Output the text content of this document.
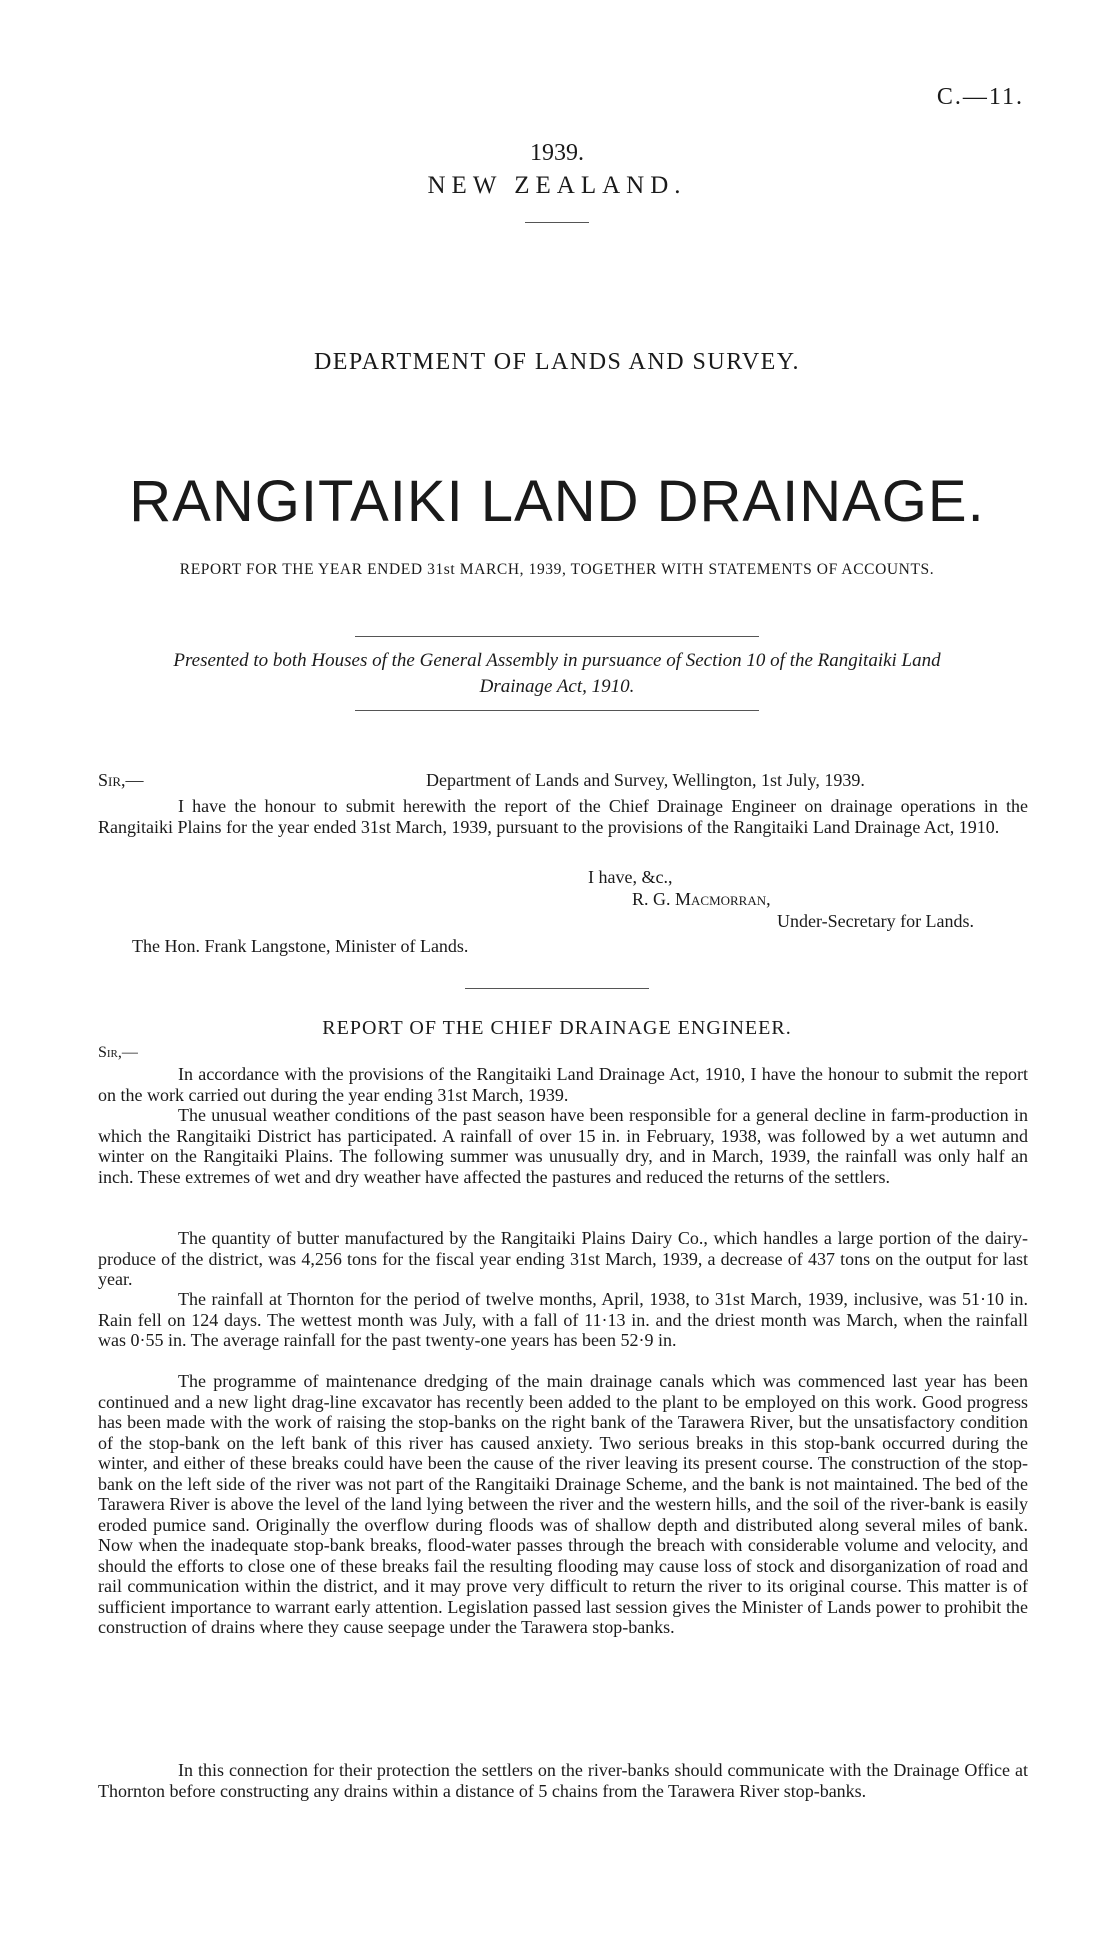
C.—11.
1939.
NEW ZEALAND.
DEPARTMENT OF LANDS AND SURVEY.
RANGITAIKI LAND DRAINAGE.
REPORT FOR THE YEAR ENDED 31st MARCH, 1939, TOGETHER WITH STATEMENTS OF ACCOUNTS.
Presented to both Houses of the General Assembly in pursuance of Section 10 of the Rangitaiki Land Drainage Act, 1910.
Sir,—	Department of Lands and Survey, Wellington, 1st July, 1939.
I have the honour to submit herewith the report of the Chief Drainage Engineer on drainage operations in the Rangitaiki Plains for the year ended 31st March, 1939, pursuant to the provisions of the Rangitaiki Land Drainage Act, 1910.
I have, &c.,
R. G. Macmorran,
Under-Secretary for Lands.
The Hon. Frank Langstone, Minister of Lands.
REPORT OF THE CHIEF DRAINAGE ENGINEER.
Sir,—
In accordance with the provisions of the Rangitaiki Land Drainage Act, 1910, I have the honour to submit the report on the work carried out during the year ending 31st March, 1939.
The unusual weather conditions of the past season have been responsible for a general decline in farm-production in which the Rangitaiki District has participated. A rainfall of over 15 in. in February, 1938, was followed by a wet autumn and winter on the Rangitaiki Plains. The following summer was unusually dry, and in March, 1939, the rainfall was only half an inch. These extremes of wet and dry weather have affected the pastures and reduced the returns of the settlers.
The quantity of butter manufactured by the Rangitaiki Plains Dairy Co., which handles a large portion of the dairy-produce of the district, was 4,256 tons for the fiscal year ending 31st March, 1939, a decrease of 437 tons on the output for last year.
The rainfall at Thornton for the period of twelve months, April, 1938, to 31st March, 1939, inclusive, was 51·10 in. Rain fell on 124 days. The wettest month was July, with a fall of 11·13 in. and the driest month was March, when the rainfall was 0·55 in. The average rainfall for the past twenty-one years has been 52·9 in.
The programme of maintenance dredging of the main drainage canals which was commenced last year has been continued and a new light drag-line excavator has recently been added to the plant to be employed on this work. Good progress has been made with the work of raising the stop-banks on the right bank of the Tarawera River, but the unsatisfactory condition of the stop-bank on the left bank of this river has caused anxiety. Two serious breaks in this stop-bank occurred during the winter, and either of these breaks could have been the cause of the river leaving its present course. The construction of the stop-bank on the left side of the river was not part of the Rangitaiki Drainage Scheme, and the bank is not maintained. The bed of the Tarawera River is above the level of the land lying between the river and the western hills, and the soil of the river-bank is easily eroded pumice sand. Originally the overflow during floods was of shallow depth and distributed along several miles of bank. Now when the inadequate stop-bank breaks, flood-water passes through the breach with considerable volume and velocity, and should the efforts to close one of these breaks fail the resulting flooding may cause loss of stock and disorganization of road and rail communication within the district, and it may prove very difficult to return the river to its original course. This matter is of sufficient importance to warrant early attention. Legislation passed last session gives the Minister of Lands power to prohibit the construction of drains where they cause seepage under the Tarawera stop-banks.
In this connection for their protection the settlers on the river-banks should communicate with the Drainage Office at Thornton before constructing any drains within a distance of 5 chains from the Tarawera River stop-banks.
